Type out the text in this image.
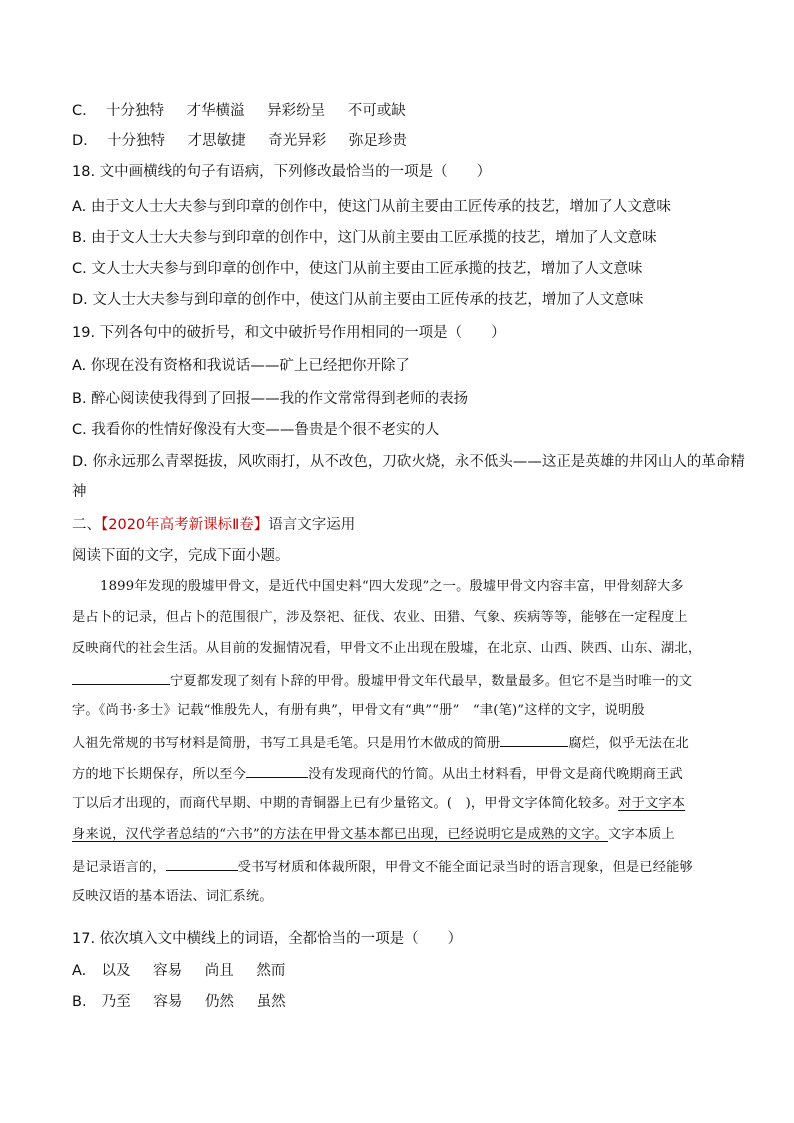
C. 十分独特 才华横溢 异彩纷呈 不可或缺
D. 十分独特 才思敏捷 奇光异彩 弥足珍贵
18. 文中画横线的句子有语病，下列修改最恰当的一项是（　　）
A. 由于文人士大夫参与到印章的创作中，使这门从前主要由工匠传承的技艺，增加了人文意味
B. 由于文人士大夫参与到印章的创作中，这门从前主要由工匠承揽的技艺，增加了人文意味
C. 文人士大夫参与到印章的创作中，使这门从前主要由工匠承揽的技艺，增加了人文意味
D. 文人士大夫参与到印章的创作中，使这门从前主要由工匠传承的技艺，增加了人文意味
19. 下列各句中的破折号，和文中破折号作用相同的一项是（　　）
A. 你现在没有资格和我说话——矿上已经把你开除了
B. 醉心阅读使我得到了回报——我的作文常常得到老师的表扬
C. 我看你的性情好像没有大变——鲁贵是个很不老实的人
D. 你永远那么青翠挺拔，风吹雨打，从不改色，刀砍火烧，永不低头——这正是英雄的井冈山人的革命精
神
二、【2020年高考新课标Ⅱ卷】语言文字运用
阅读下面的文字，完成下面小题。
1899年发现的殷墟甲骨文，是近代中国史料“四大发现”之一。殷墟甲骨文内容丰富，甲骨刻辞大多
是占卜的记录，但占卜的范围很广，涉及祭祀、征伐、农业、田猎、气象、疾病等等，能够在一定程度上
反映商代的社会生活。从目前的发掘情况看，甲骨文不止出现在殷墟，在北京、山西、陕西、山东、湖北，
宁夏都发现了刻有卜辞的甲骨。殷墟甲骨文年代最早，数量最多。但它不是当时唯一的文
字。《尚书·多士》记载“惟殷先人，有册有典”，甲骨文有“典”“册”　“聿(笔)”这样的文字，说明殷
人祖先常规的书写材料是简册，书写工具是毛笔。只是用竹木做成的简册	腐烂，似乎无法在北
方的地下长期保存，所以至今	没有发现商代的竹简。从出土材料看，甲骨文是商代晚期商王武
丁以后才出现的，而商代早期、中期的青铜器上已有少量铭文。(　)，甲骨文字体简化较多。对于文字本
身来说，汉代学者总结的“六书”的方法在甲骨文基本都已出现，已经说明它是成熟的文字。文字本质上
是记录语言的，	受书写材质和体裁所限，甲骨文不能全面记录当时的语言现象，但是已经能够
反映汉语的基本语法、词汇系统。
17. 依次填入文中横线上的词语，全都恰当的一项是（　　）
A. 以及 容易 尚且 然而
B. 乃至 容易 仍然 虽然
